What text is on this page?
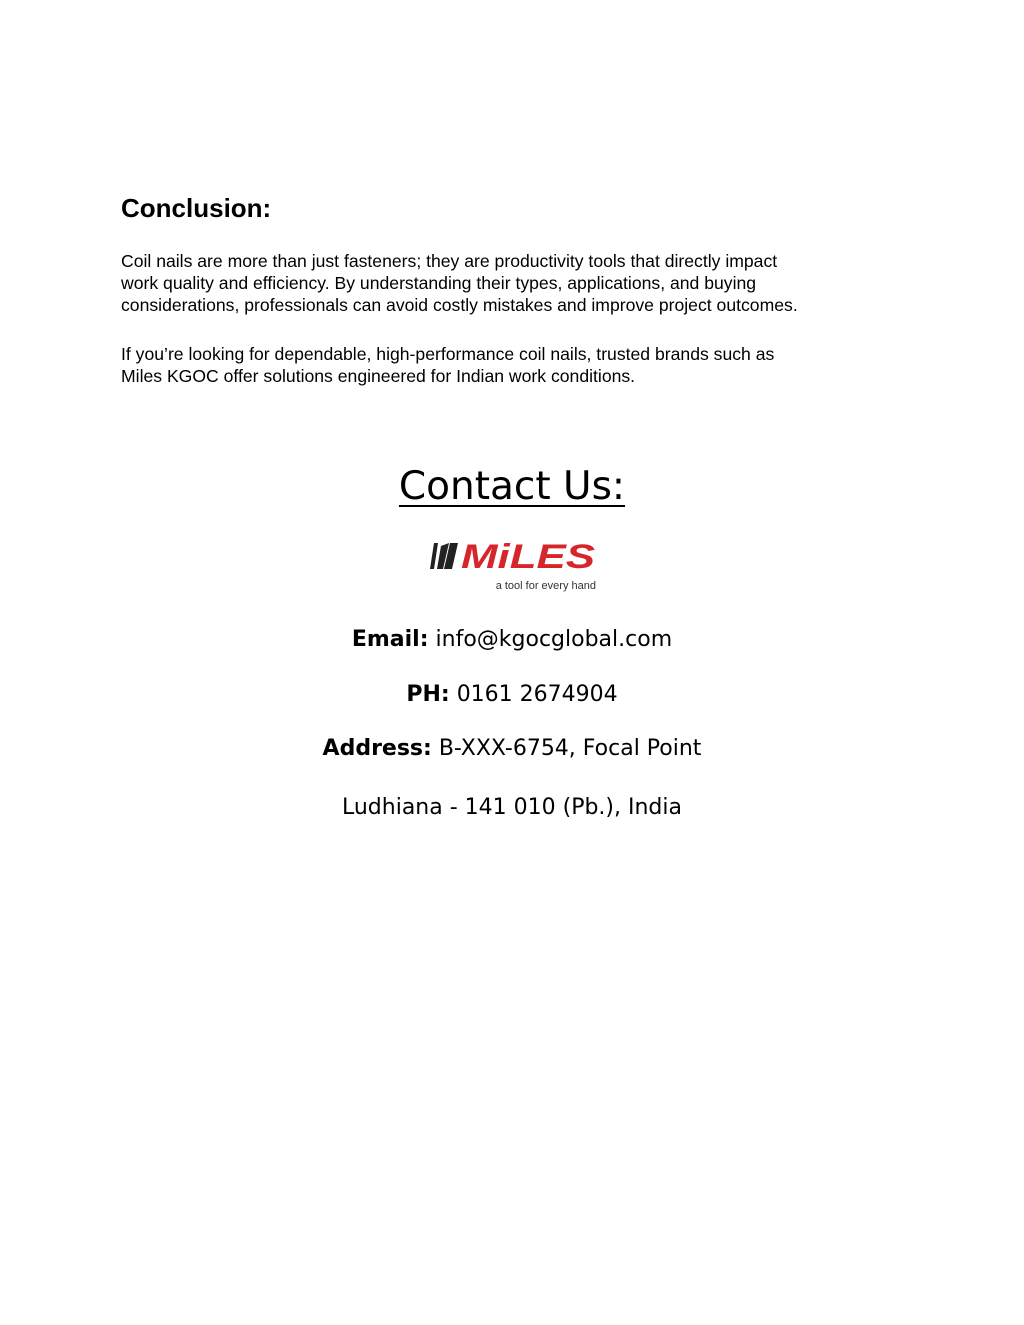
Conclusion:

Coil nails are more than just fasteners; they are productivity tools that directly impact
work quality and efficiency. By understanding their types, applications, and buying
considerations, professionals can avoid costly mistakes and improve project outcomes.

If you’re looking for dependable, high-performance coil nails, trusted brands such as
Miles KGOC offer solutions engineered for Indian work conditions.

Contact Us:
MiLES
a tool for every hand

Email: info@kgocglobal.com

PH: 0161 2674904

Address: B-XXX-6754, Focal Point

Ludhiana - 141 010 (Pb.), India
